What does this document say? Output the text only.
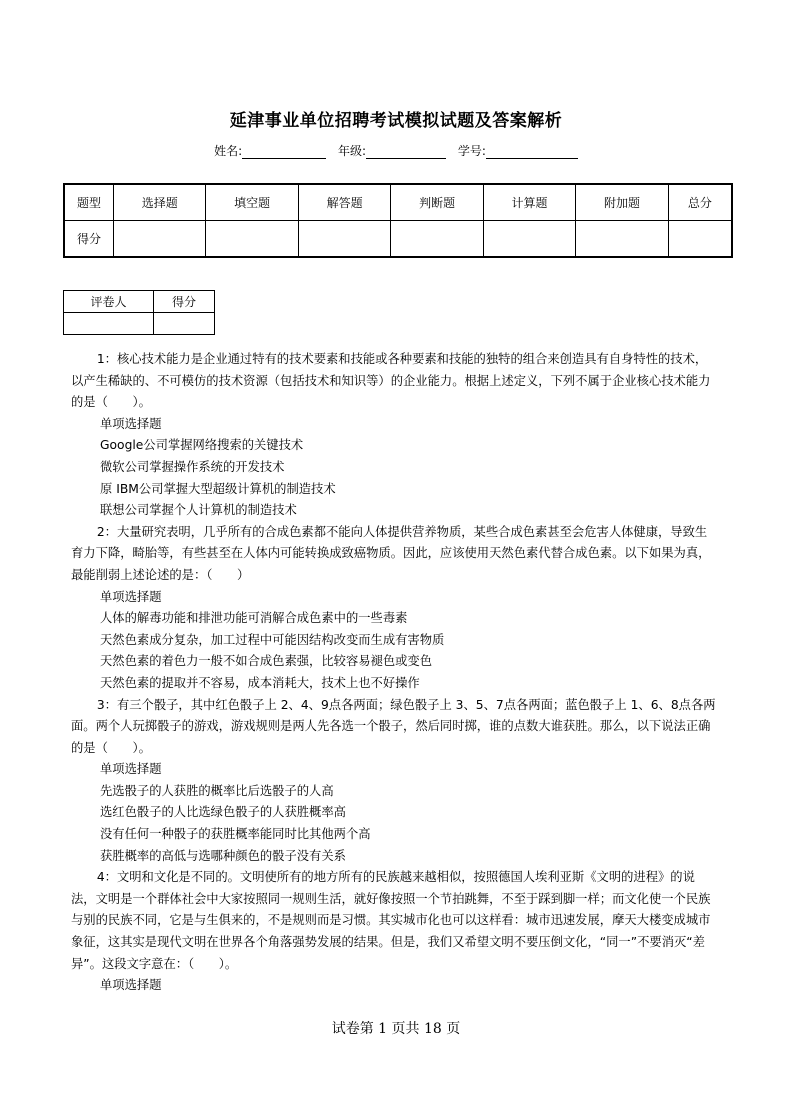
延津事业单位招聘考试模拟试题及答案解析
姓名:	年级:	学号:
题型	选择题	填空题	解答题	判断题	计算题	附加题	总分
得分							
评卷人	得分

1：核心技术能力是企业通过特有的技术要素和技能或各种要素和技能的独特的组合来创造具有自身特性的技术，以产生稀缺的、不可模仿的技术资源（包括技术和知识等）的企业能力。根据上述定义，下列不属于企业核心技术能力的是（　　）。

单项选择题

Google公司掌握网络搜索的关键技术

微软公司掌握操作系统的开发技术

原 IBM公司掌握大型超级计算机的制造技术

联想公司掌握个人计算机的制造技术

2：大量研究表明，几乎所有的合成色素都不能向人体提供营养物质，某些合成色素甚至会危害人体健康，导致生育力下降，畸胎等，有些甚至在人体内可能转换成致癌物质。因此，应该使用天然色素代替合成色素。以下如果为真，最能削弱上述论述的是：（　　）

单项选择题

人体的解毒功能和排泄功能可消解合成色素中的一些毒素

天然色素成分复杂，加工过程中可能因结构改变而生成有害物质

天然色素的着色力一般不如合成色素强，比较容易褪色或变色

天然色素的提取并不容易，成本消耗大，技术上也不好操作

3：有三个骰子，其中红色骰子上 2、4、9点各两面；绿色骰子上 3、5、7点各两面；蓝色骰子上 1、6、8点各两面。两个人玩掷骰子的游戏，游戏规则是两人先各选一个骰子，然后同时掷，谁的点数大谁获胜。那么，以下说法正确的是（　　）。

单项选择题

先选骰子的人获胜的概率比后选骰子的人高

选红色骰子的人比选绿色骰子的人获胜概率高

没有任何一种骰子的获胜概率能同时比其他两个高

获胜概率的高低与选哪种颜色的骰子没有关系

4：文明和文化是不同的。文明使所有的地方所有的民族越来越相似，按照德国人埃利亚斯《文明的进程》的说法，文明是一个群体社会中大家按照同一规则生活，就好像按照一个节拍跳舞，不至于踩到脚一样；而文化使一个民族与别的民族不同，它是与生俱来的，不是规则而是习惯。其实城市化也可以这样看：城市迅速发展，摩天大楼变成城市象征，这其实是现代文明在世界各个角落强势发展的结果。但是，我们又希望文明不要压倒文化，“同一”不要消灭“差异”。这段文字意在：（　　）。

单项选择题

试卷第 1 页共 18 页
